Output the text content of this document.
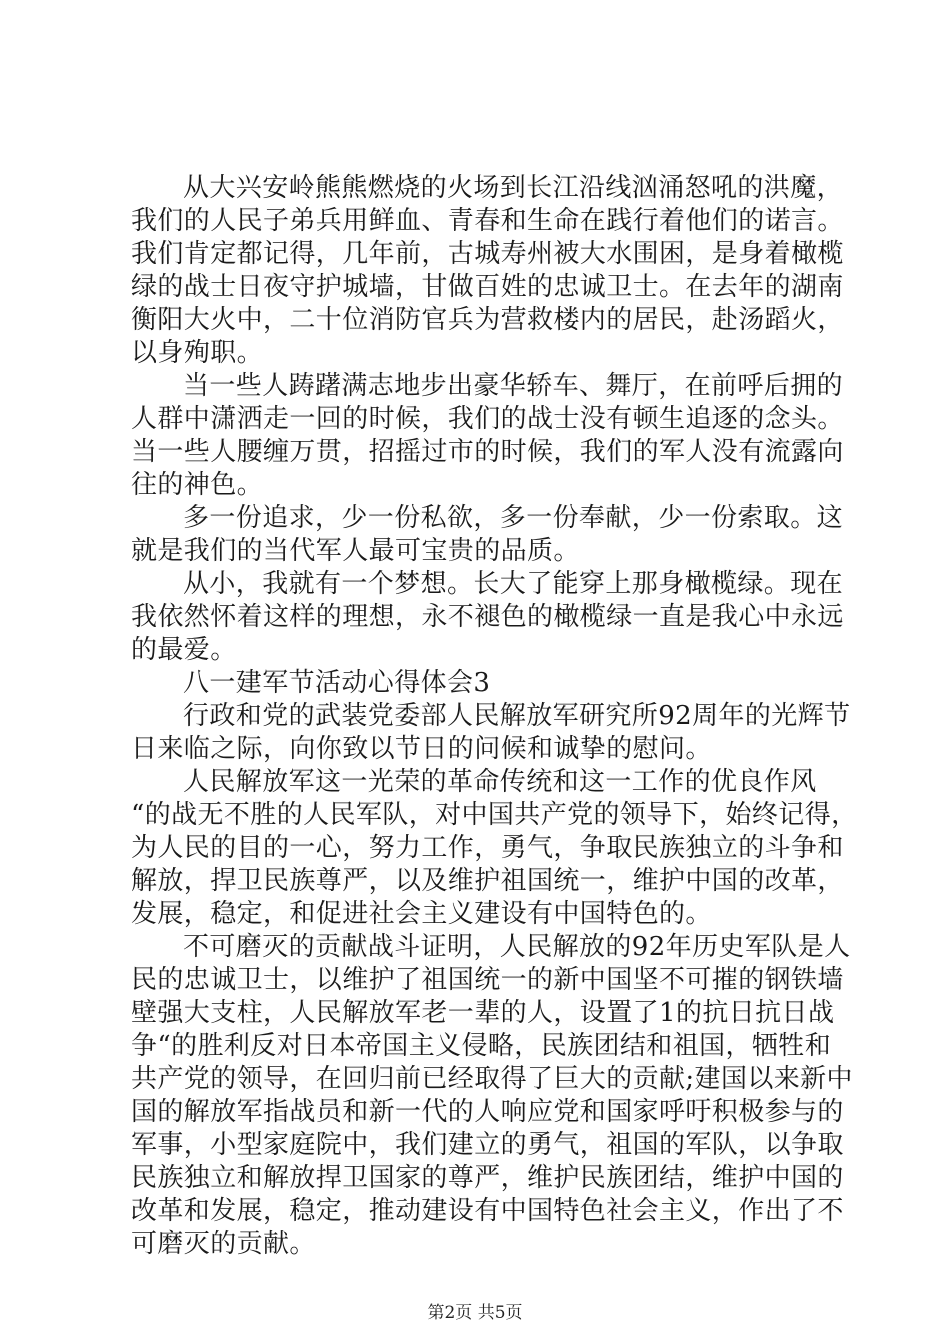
从大兴安岭熊熊燃烧的火场到长江沿线汹涌怒吼的洪魔，
我们的人民子弟兵用鲜血、青春和生命在践行着他们的诺言。
我们肯定都记得，几年前，古城寿州被大水围困，是身着橄榄
绿的战士日夜守护城墙，甘做百姓的忠诚卫士。在去年的湖南
衡阳大火中，二十位消防官兵为营救楼内的居民，赴汤蹈火，
以身殉职。
当一些人踌躇满志地步出豪华轿车、舞厅，在前呼后拥的
人群中潇洒走一回的时候，我们的战士没有顿生追逐的念头。
当一些人腰缠万贯，招摇过市的时候，我们的军人没有流露向
往的神色。
多一份追求，少一份私欲，多一份奉献，少一份索取。这
就是我们的当代军人最可宝贵的品质。
从小，我就有一个梦想。长大了能穿上那身橄榄绿。现在
我依然怀着这样的理想，永不褪色的橄榄绿一直是我心中永远
的最爱。
八一建军节活动心得体会3
行政和党的武装党委部人民解放军研究所92周年的光辉节
日来临之际，向你致以节日的问候和诚挚的慰问。
人民解放军这一光荣的革命传统和这一工作的优良作风
“的战无不胜的人民军队，对中国共产党的领导下，始终记得，
为人民的目的一心，努力工作，勇气，争取民族独立的斗争和
解放，捍卫民族尊严，以及维护祖国统一，维护中国的改革，
发展，稳定，和促进社会主义建设有中国特色的。
不可磨灭的贡献战斗证明，人民解放的92年历史军队是人
民的忠诚卫士，以维护了祖国统一的新中国坚不可摧的钢铁墙
壁强大支柱，人民解放军老一辈的人，设置了1的抗日抗日战
争“的胜利反对日本帝国主义侵略，民族团结和祖国，牺牲和
共产党的领导，在回归前已经取得了巨大的贡献;建国以来新中
国的解放军指战员和新一代的人响应党和国家呼吁积极参与的
军事，小型家庭院中，我们建立的勇气，祖国的军队，以争取
民族独立和解放捍卫国家的尊严，维护民族团结，维护中国的
改革和发展，稳定，推动建设有中国特色社会主义，作出了不
可磨灭的贡献。
第2页 共5页
